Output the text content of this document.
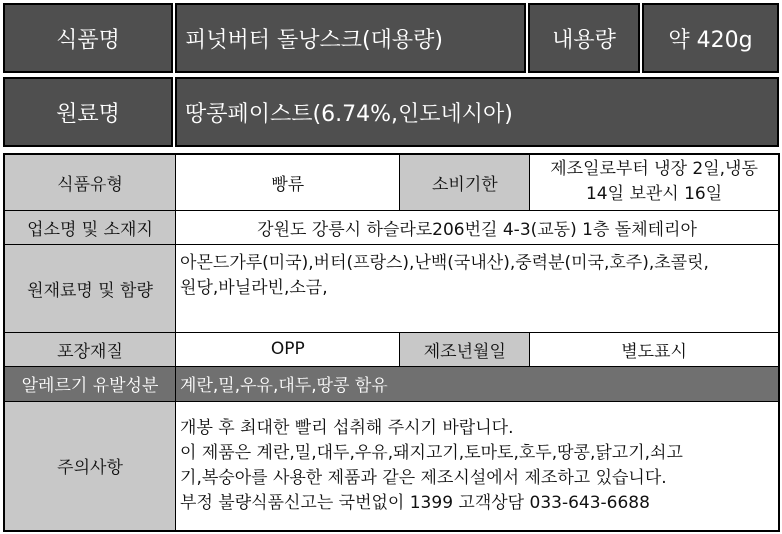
식품명	피넛버터 돌낭스크(대용량)	내용량 약 420g
원료명	땅콩페이스트(6.74%,인도네시아)
식품유형	빵류	소비기한	제조일로부터 냉장 2일,냉동
14일 보관시 16일

업소명 및 소재지	강원도 강릉시 하슬라로206번길 4-3(교동) 1층 돌체테리아		
원재료명 및 함량	아몬드가루(미국),버터(프랑스),난백(국내산),중력분(미국,호주),초콜릿,
원당,바닐라빈,소금,		

포장재질	OPP	제조년월일	별도표시
알레르기 유발성분	계란,밀,우유,대두,땅콩 함유		
주의사항	개봉 후 최대한 빨리 섭취해 주시기 바랍니다.
이 제품은 계란,밀,대두,우유,돼지고기,토마토,호두,땅콩,닭고기,쇠고
기,복숭아를 사용한 제품과 같은 제조시설에서 제조하고 있습니다.
부정 불량식품신고는 국번없이 1399 고객상담 033-643-6688		
